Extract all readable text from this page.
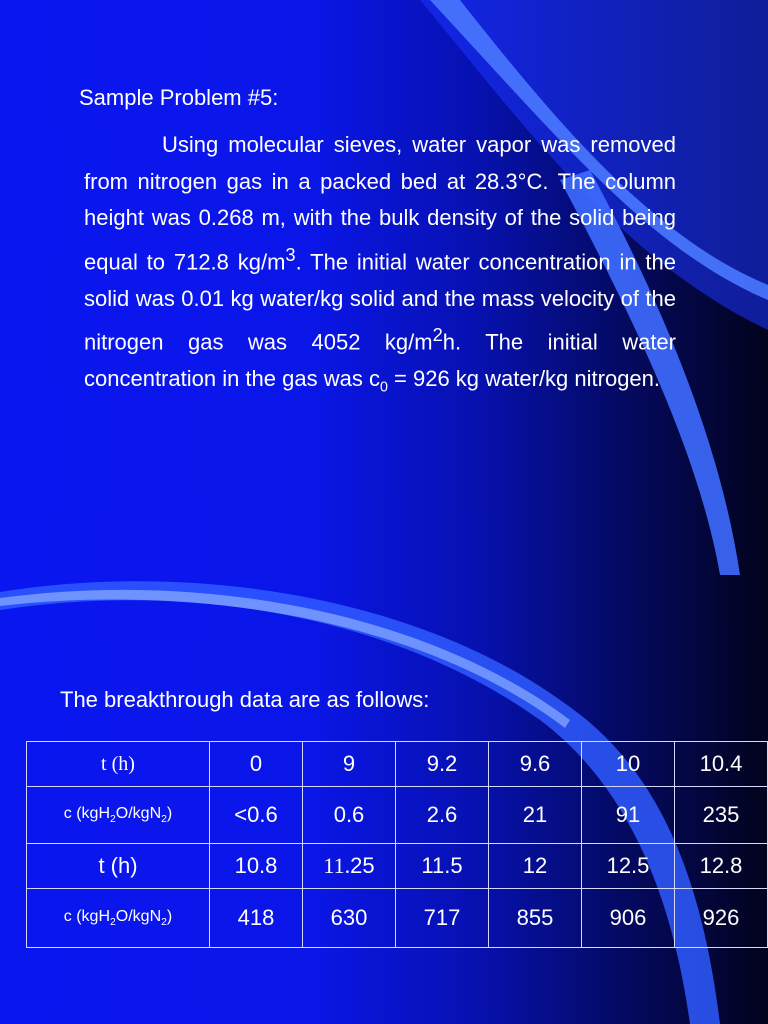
Sample Problem #5:

Using molecular sieves, water vapor was removed from nitrogen gas in a packed bed at 28.3°C. The column height was 0.268 m, with the bulk density of the solid being equal to 712.8 $kg/m^3$. The initial water concentration in the solid was 0.01 kg water/kg solid and the mass velocity of the nitrogen gas was 4052 $kg/m^2h$. The initial water concentration in the gas was $c_0 = 926$ kg water/kg nitrogen.

The breakthrough data are as follows:
t (h)	0	9	9.2	9.6	10	10.4
c (kgH$_2$O/kgN$_2$)	<0.6	0.6	2.6	21	91	235
t (h)	10.8	11.25	11.5	12	12.5	12.8
c (kgH$_2$O/kgN$_2$)	418	630	717	855	906	926
